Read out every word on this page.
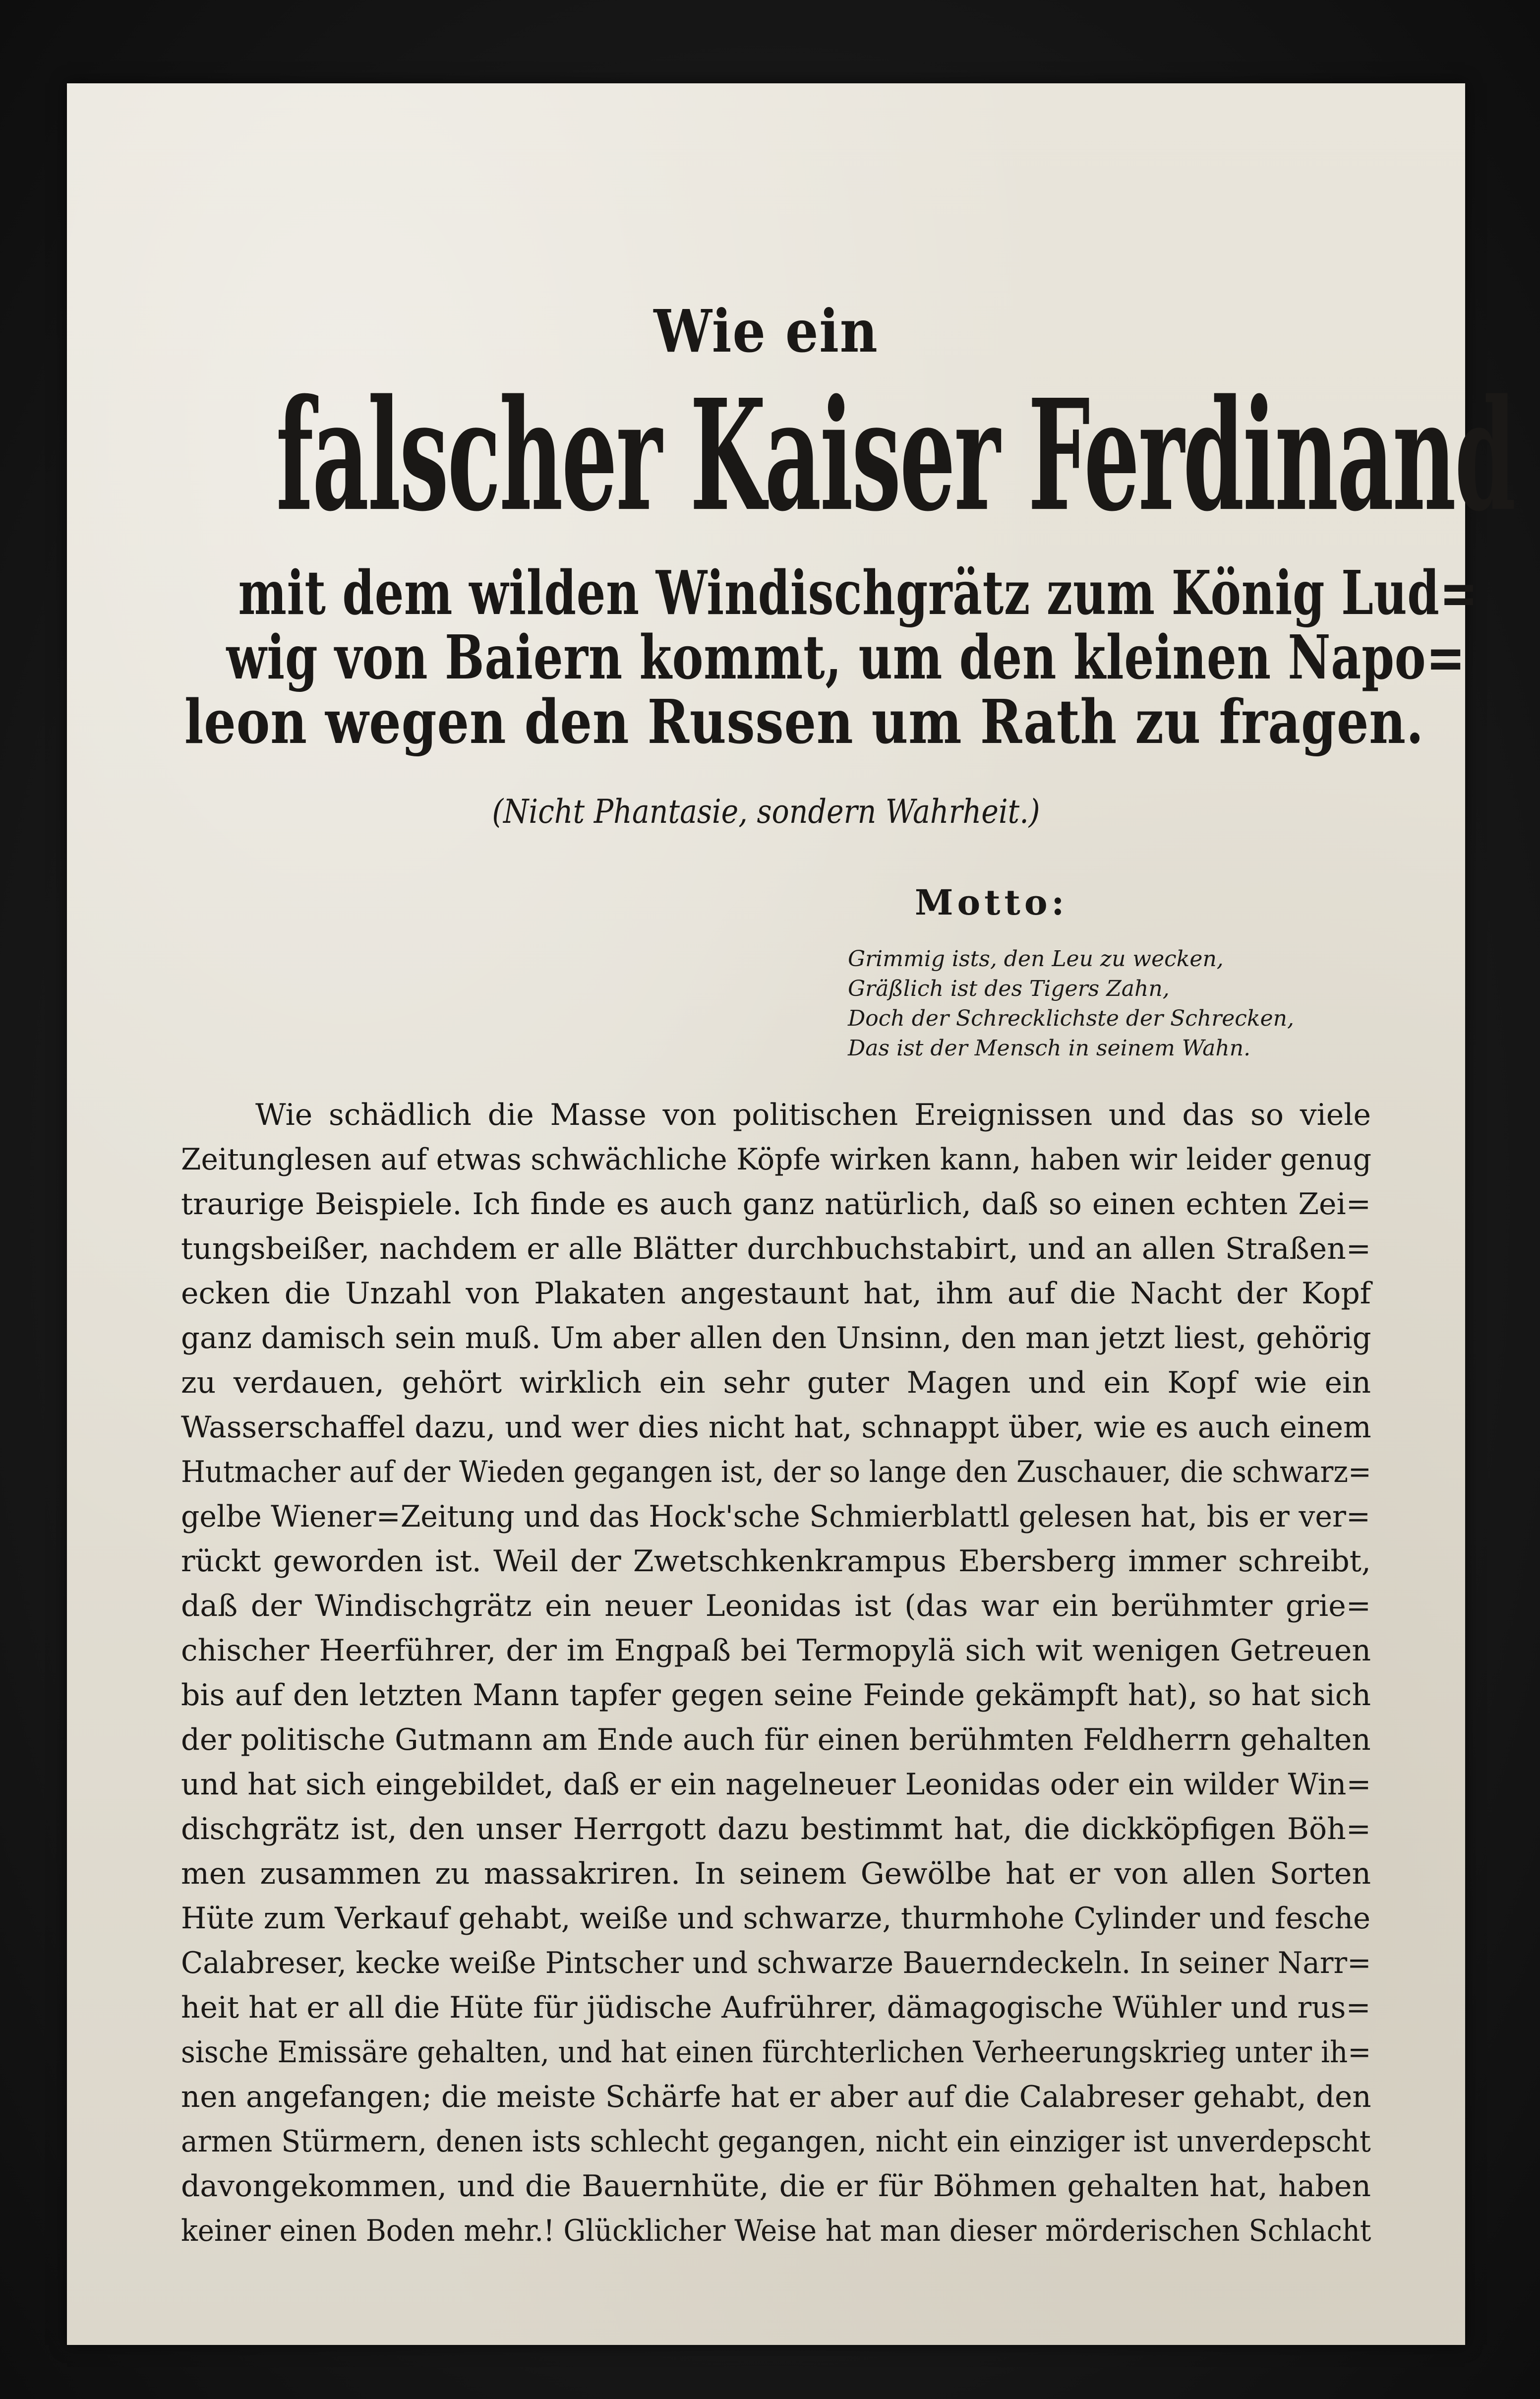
Wie ein
falscher Kaiser Ferdinand
mit dem wilden Windischgrätz zum König Lud=
wig von Baiern kommt, um den kleinen Napo=
leon wegen den Russen um Rath zu fragen.
(Nicht Phantasie, sondern Wahrheit.)
Motto:
Grimmig ists, den Leu zu wecken,
Gräßlich ist des Tigers Zahn,
Doch der Schrecklichste der Schrecken,
Das ist der Mensch in seinem Wahn.
Wie schädlich die Masse von politischen Ereignissen und das so viele
Zeitunglesen auf etwas schwächliche Köpfe wirken kann, haben wir leider genug
traurige Beispiele. Ich finde es auch ganz natürlich, daß so einen echten Zei=
tungsbeißer, nachdem er alle Blätter durchbuchstabirt, und an allen Straßen=
ecken die Unzahl von Plakaten angestaunt hat, ihm auf die Nacht der Kopf
ganz damisch sein muß. Um aber allen den Unsinn, den man jetzt liest, gehörig
zu verdauen, gehört wirklich ein sehr guter Magen und ein Kopf wie ein
Wasserschaffel dazu, und wer dies nicht hat, schnappt über, wie es auch einem
Hutmacher auf der Wieden gegangen ist, der so lange den Zuschauer, die schwarz=
gelbe Wiener=Zeitung und das Hock'sche Schmierblattl gelesen hat, bis er ver=
rückt geworden ist. Weil der Zwetschkenkrampus Ebersberg immer schreibt,
daß der Windischgrätz ein neuer Leonidas ist (das war ein berühmter grie=
chischer Heerführer, der im Engpaß bei Termopylä sich wit wenigen Getreuen
bis auf den letzten Mann tapfer gegen seine Feinde gekämpft hat), so hat sich
der politische Gutmann am Ende auch für einen berühmten Feldherrn gehalten
und hat sich eingebildet, daß er ein nagelneuer Leonidas oder ein wilder Win=
dischgrätz ist, den unser Herrgott dazu bestimmt hat, die dickköpfigen Böh=
men zusammen zu massakriren. In seinem Gewölbe hat er von allen Sorten
Hüte zum Verkauf gehabt, weiße und schwarze, thurmhohe Cylinder und fesche
Calabreser, kecke weiße Pintscher und schwarze Bauerndeckeln. In seiner Narr=
heit hat er all die Hüte für jüdische Aufrührer, dämagogische Wühler und rus=
sische Emissäre gehalten, und hat einen fürchterlichen Verheerungskrieg unter ih=
nen angefangen; die meiste Schärfe hat er aber auf die Calabreser gehabt, den
armen Stürmern, denen ists schlecht gegangen, nicht ein einziger ist unverdepscht
davongekommen, und die Bauernhüte, die er für Böhmen gehalten hat, haben
keiner einen Boden mehr.! Glücklicher Weise hat man dieser mörderischen Schlacht
